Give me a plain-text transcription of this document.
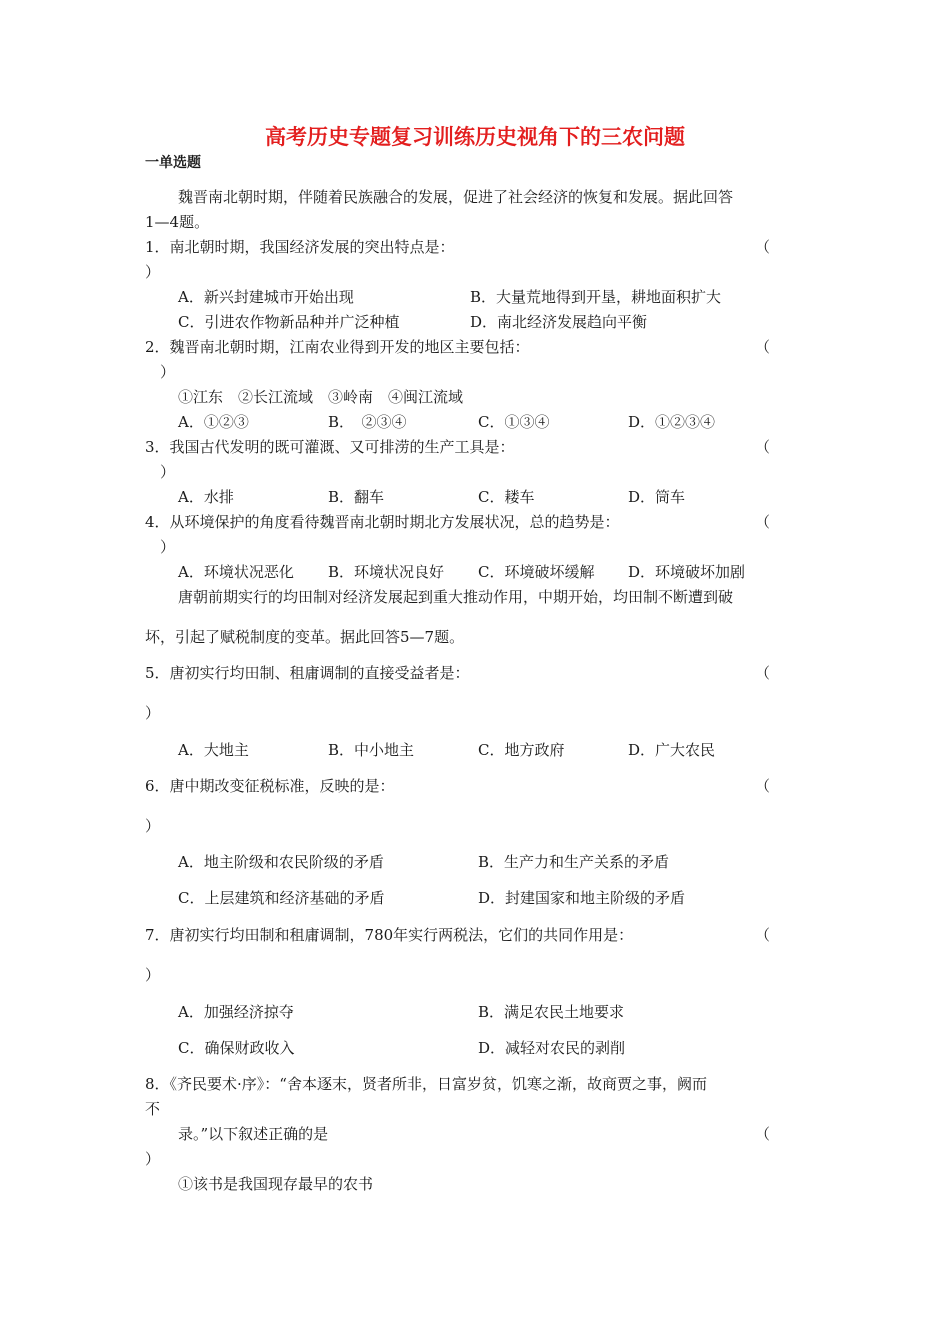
高考历史专题复习训练历史视角下的三农问题
一单选题
魏晋南北朝时期，伴随着民族融合的发展，促进了社会经济的恢复和发展。据此回答
1—4题。
1．南北朝时期，我国经济发展的突出特点是：	（
）
A．新兴封建城市开始出现	B．大量荒地得到开垦，耕地面积扩大
C．引进农作物新品种并广泛种植	D．南北经济发展趋向平衡
2．魏晋南北朝时期，江南农业得到开发的地区主要包括：	（
）
①江东　②长江流域　③岭南　④闽江流域
A．①②③	B．　②③④	C．①③④	D．①②③④
3．我国古代发明的既可灌溉、又可排涝的生产工具是：	（
）
A．水排	B．翻车	C．耧车	D．筒车
4．从环境保护的角度看待魏晋南北朝时期北方发展状况，总的趋势是：	（
）
A．环境状况恶化 B．环境状况良好 C．环境破坏缓解 D．环境破坏加剧
唐朝前期实行的均田制对经济发展起到重大推动作用，中期开始，均田制不断遭到破
坏，引起了赋税制度的变革。据此回答5—7题。
5．唐初实行均田制、租庸调制的直接受益者是：	（
）
A．大地主	B．中小地主	C．地方政府	D．广大农民
6．唐中期改变征税标准，反映的是：	（
）
A．地主阶级和农民阶级的矛盾	B．生产力和生产关系的矛盾
C．上层建筑和经济基础的矛盾	D．封建国家和地主阶级的矛盾
7．唐初实行均田制和租庸调制，780年实行两税法，它们的共同作用是：	（
）
A．加强经济掠夺	B．满足农民土地要求
C．确保财政收入	D．减轻对农民的剥削
8．《齐民要术·序》：“舍本逐末，贤者所非，日富岁贫，饥寒之渐，故商贾之事，阙而
不
录。”以下叙述正确的是	（
）
①该书是我国现存最早的农书
